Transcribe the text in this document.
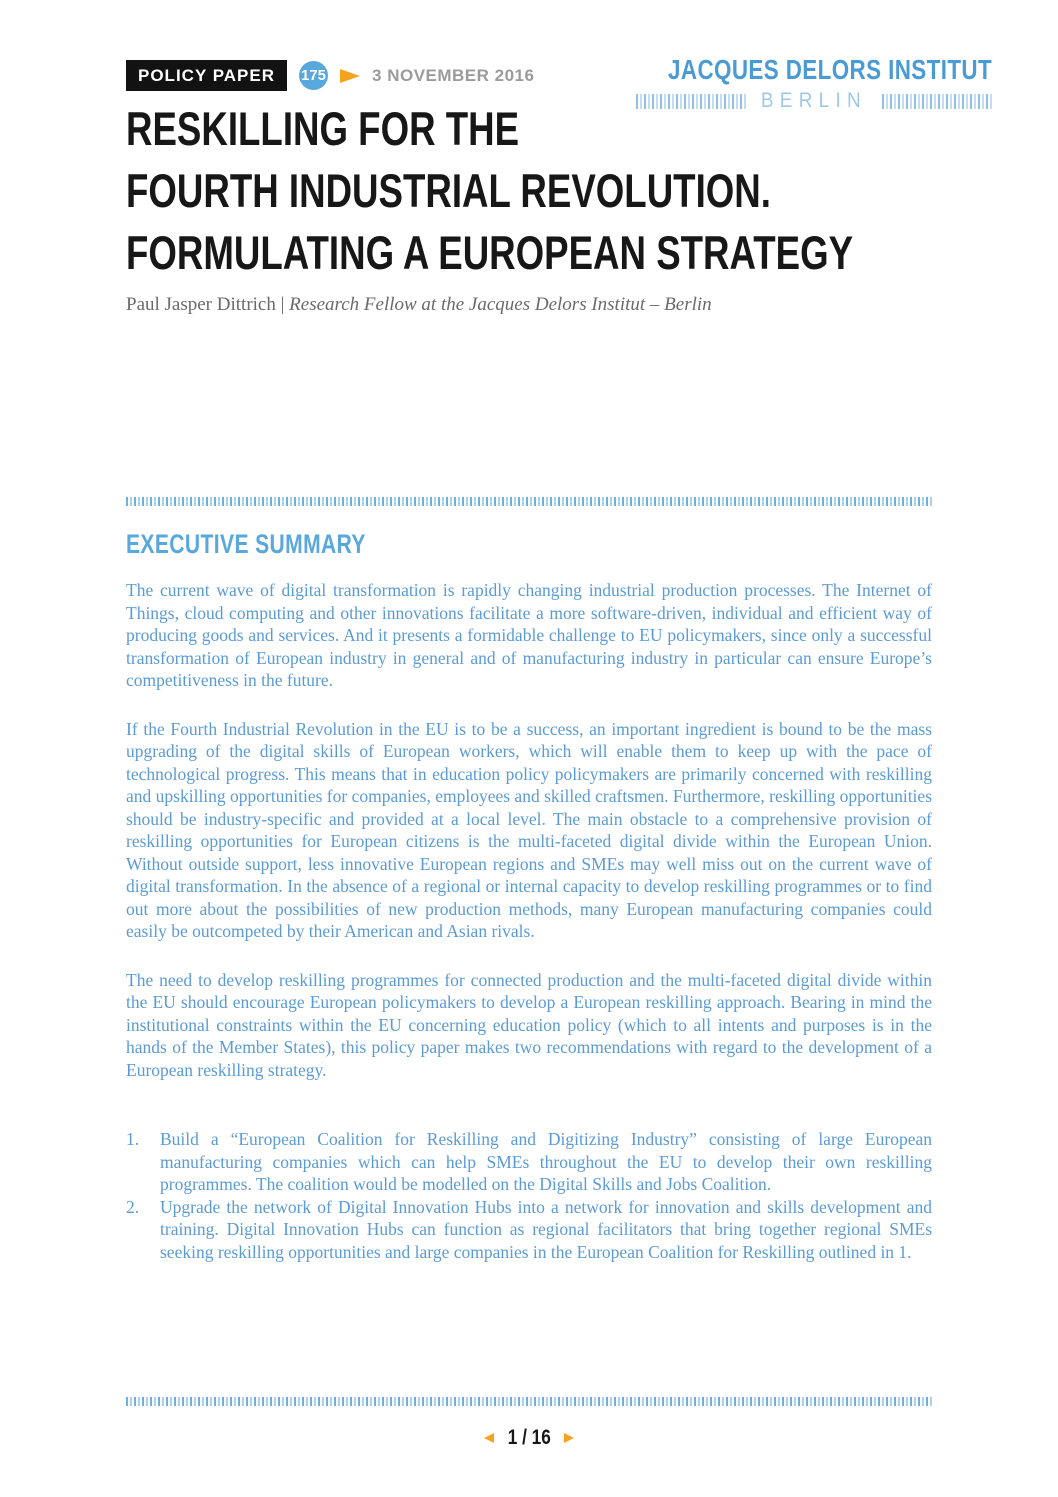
POLICY PAPER	175	3 NOVEMBER 2016	JACQUES DELORS INSTITUT
BERLIN
RESKILLING FOR THE
FOURTH INDUSTRIAL REVOLUTION.
FORMULATING A EUROPEAN STRATEGY
Paul Jasper Dittrich | Research Fellow at the Jacques Delors Institut – Berlin
EXECUTIVE SUMMARY

The current wave of digital transformation is rapidly changing industrial production processes. The Internet of Things, cloud computing and other innovations facilitate a more software-driven, individual and efficient way of producing goods and services. And it presents a formidable challenge to EU policymakers, since only a successful transformation of European industry in general and of manufacturing industry in particular can ensure Europe’s competitiveness in the future.

If the Fourth Industrial Revolution in the EU is to be a success, an important ingredient is bound to be the mass upgrading of the digital skills of European workers, which will enable them to keep up with the pace of technological progress. This means that in education policy policymakers are primarily concerned with reskilling and upskilling opportunities for companies, employees and skilled craftsmen. Furthermore, reskilling opportunities should be industry-specific and provided at a local level. The main obstacle to a comprehensive provision of reskilling opportunities for European citizens is the multi-faceted digital divide within the European Union. Without outside support, less innovative European regions and SMEs may well miss out on the current wave of digital transformation. In the absence of a regional or internal capacity to develop reskilling programmes or to find out more about the possibilities of new production methods, many European manufacturing companies could easily be outcompeted by their American and Asian rivals.

The need to develop reskilling programmes for connected production and the multi-faceted digital divide within the EU should encourage European policymakers to develop a European reskilling approach. Bearing in mind the institutional constraints within the EU concerning education policy (which to all intents and purposes is in the hands of the Member States), this policy paper makes two recommendations with regard to the development of a European reskilling strategy.

1.	Build a “European Coalition for Reskilling and Digitizing Industry” consisting of large European manufacturing companies which can help SMEs throughout the EU to develop their own reskilling programmes. The coalition would be modelled on the Digital Skills and Jobs Coalition.
2.	Upgrade the network of Digital Innovation Hubs into a network for innovation and skills development and training. Digital Innovation Hubs can function as regional facilitators that bring together regional SMEs seeking reskilling opportunities and large companies in the European Coalition for Reskilling outlined in 1.
1 / 16
